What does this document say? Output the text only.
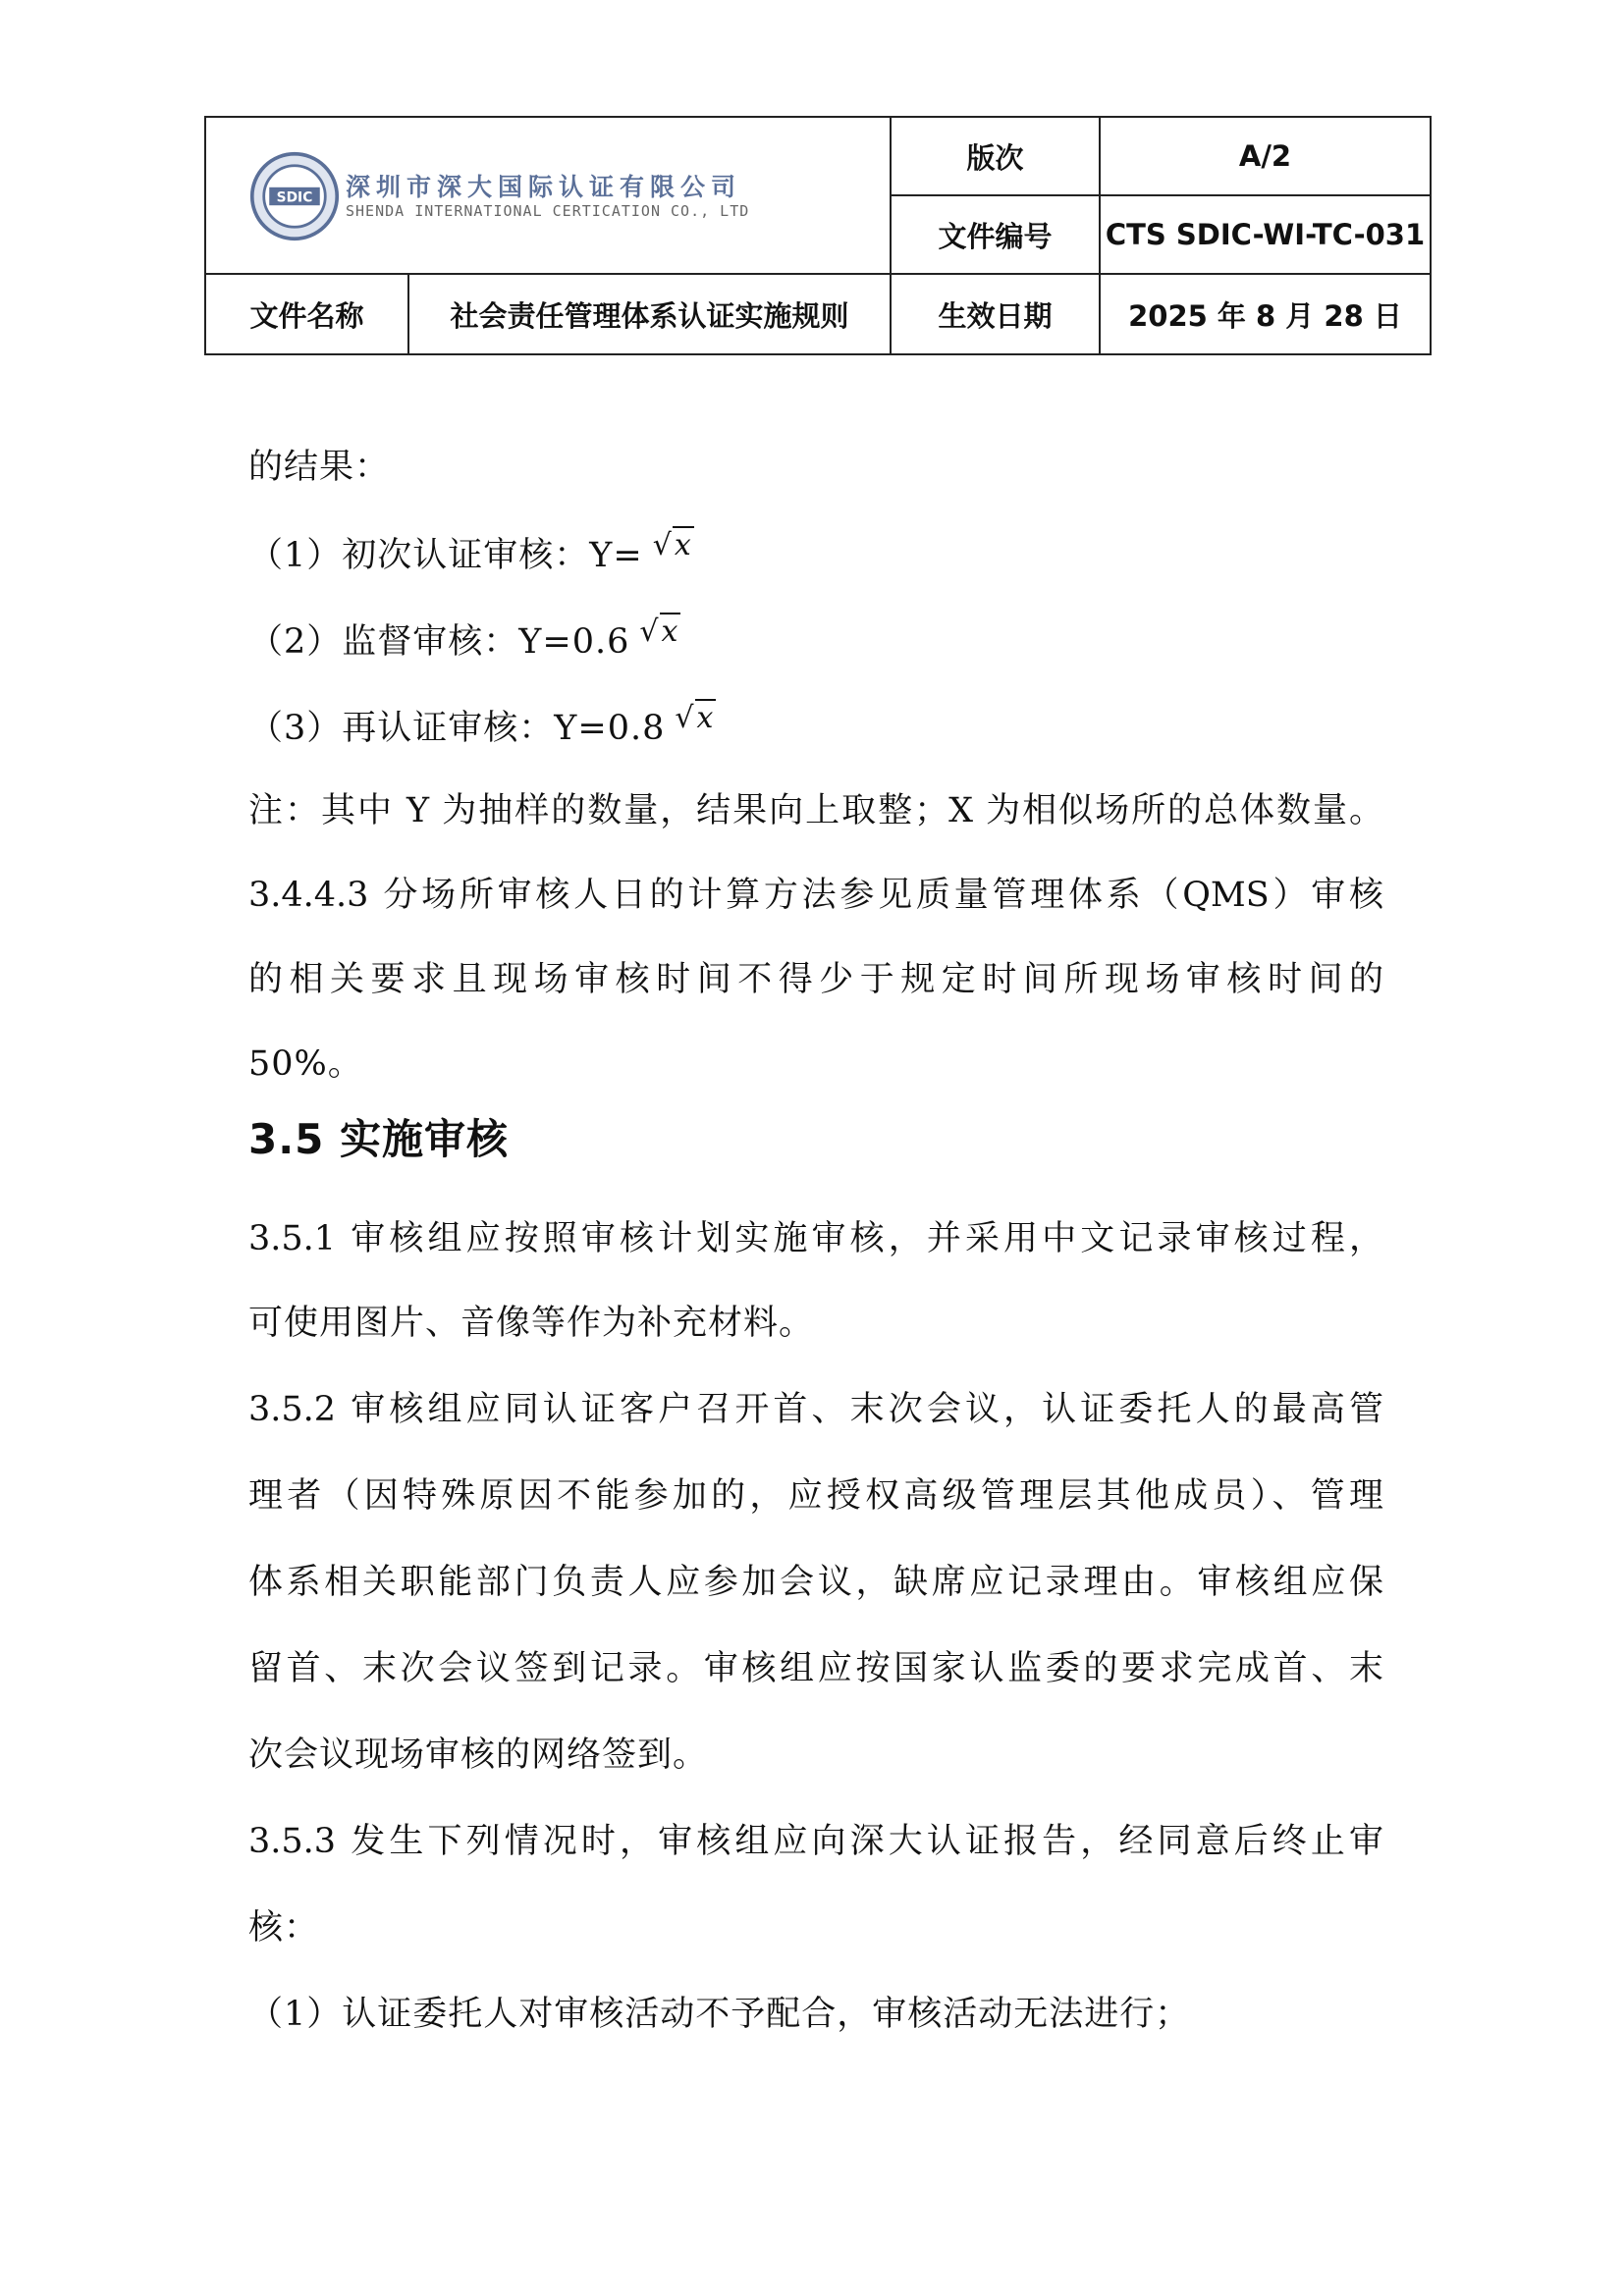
SDIC 深圳市深大国际认证有限公司
SHENDA INTERNATIONAL CERTICATION CO., LTD		版次	A/2
		文件编号	CTS SDIC-WI-TC-031
文件名称	社会责任管理体系认证实施规则	生效日期	2025 年 8 月 28 日
的结果：
（1）初次认证审核：Y= √x
（2）监督审核：Y=0.6 √x
（3）再认证审核：Y=0.8 √x
注：其中 Y 为抽样的数量，结果向上取整；X 为相似场所的总体数量。
3.4.4.3 分场所审核人日的计算方法参见质量管理体系（QMS）审核
的相关要求且现场审核时间不得少于规定时间所现场审核时间的
50%。
3.5 实施审核
3.5.1 审核组应按照审核计划实施审核，并采用中文记录审核过程，
可使用图片、音像等作为补充材料。
3.5.2 审核组应同认证客户召开首、末次会议，认证委托人的最高管
理者（因特殊原因不能参加的，应授权高级管理层其他成员）、管理
体系相关职能部门负责人应参加会议，缺席应记录理由。审核组应保
留首、末次会议签到记录。审核组应按国家认监委的要求完成首、末
次会议现场审核的网络签到。
3.5.3 发生下列情况时，审核组应向深大认证报告，经同意后终止审
核：
（1）认证委托人对审核活动不予配合，审核活动无法进行；
